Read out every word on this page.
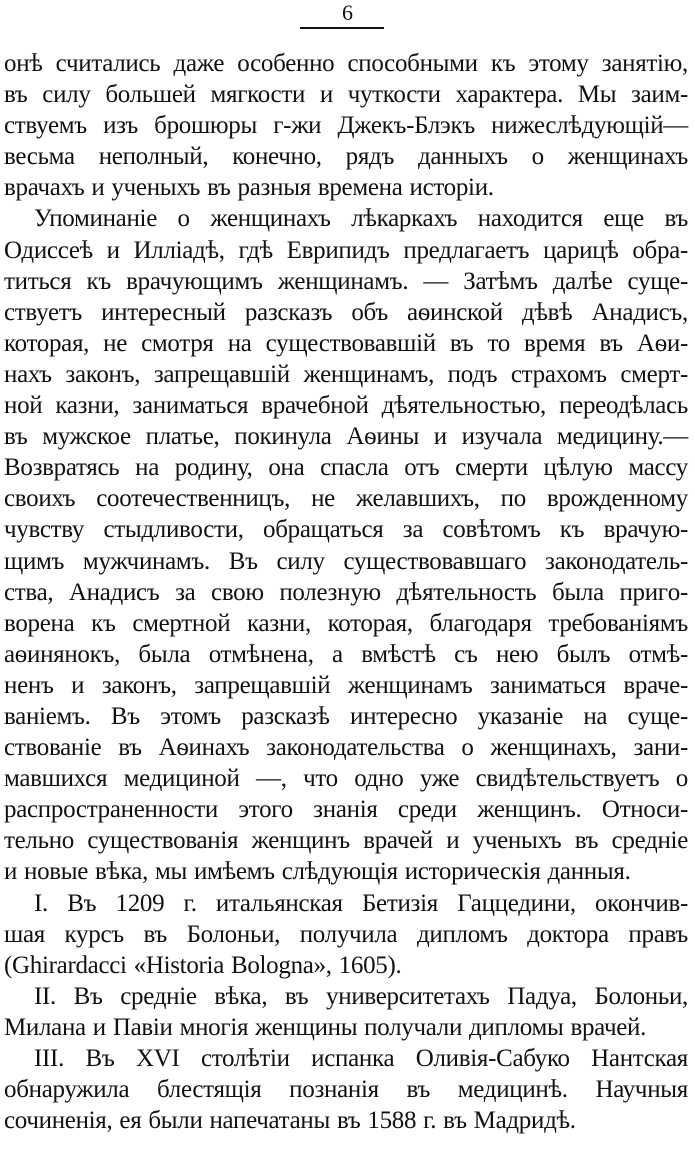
6
онѣ считались даже особенно способными къ этому занятію,
въ силу большей мягкости и чуткости характера. Мы заим-
ствуемъ изъ брошюры г-жи Джекъ-Блэкъ нижеслѣдующій—
весьма неполный, конечно, рядъ данныхъ о женщинахъ
врачахъ и ученыхъ въ разныя времена исторіи.
Упоминаніе о женщинахъ лѣкаркахъ находится еще въ
Одиссеѣ и Илліадѣ, гдѣ Еврипидъ предлагаетъ царицѣ обра-
титься къ врачующимъ женщинамъ. — Затѣмъ далѣе суще-
ствуетъ интересный разсказъ объ аѳинской дѣвѣ Анадисъ,
которая, не смотря на существовавшій въ то время въ Аѳи-
нахъ законъ, запрещавшій женщинамъ, подъ страхомъ смерт-
ной казни, заниматься врачебной дѣятельностью, переодѣлась
въ мужское платье, покинула Аѳины и изучала медицину.—
Возвратясь на родину, она спасла отъ смерти цѣлую массу
своихъ соотечественницъ, не желавшихъ, по врожденному
чувству стыдливости, обращаться за совѣтомъ къ врачую-
щимъ мужчинамъ. Въ силу существовавшаго законодатель-
ства, Анадисъ за свою полезную дѣятельность была пригo-
ворена къ смертной казни, которая, благодаря требованіямъ
аѳинянокъ, была отмѣнена, а вмѣстѣ съ нею былъ отмѣ-
ненъ и законъ, запрещавшій женщинамъ заниматься враче-
ваніемъ. Въ этомъ разсказѣ интересно указаніе на суще-
ствованіе въ Аѳинахъ законодательства о женщинахъ, зани-
мавшихся медициной —, что одно уже свидѣтельствуетъ о
распространенности этого знанія среди женщинъ. Относи-
тельно существованія женщинъ врачей и ученыхъ въ средніе
и новые вѣка, мы имѣемъ слѣдующія историческія данныя.
I. Въ 1209 г. итальянская Бетизія Гаццедини, окончив-
шая курсъ въ Болоньи, получила дипломъ доктора правъ
(Ghirardacci «Historia Bologna», 1605).
II. Въ средніе вѣка, въ университетахъ Падуа, Болоньи,
Милана и Павіи многія женщины получали дипломы врачей.
III. Въ XVI столѣтіи испанка Оливія-Сабуко Нантская
обнаружила блестящія познанія въ медицинѣ. Научныя
сочиненія, ея были напечатаны въ 1588 г. въ Мадридѣ.
